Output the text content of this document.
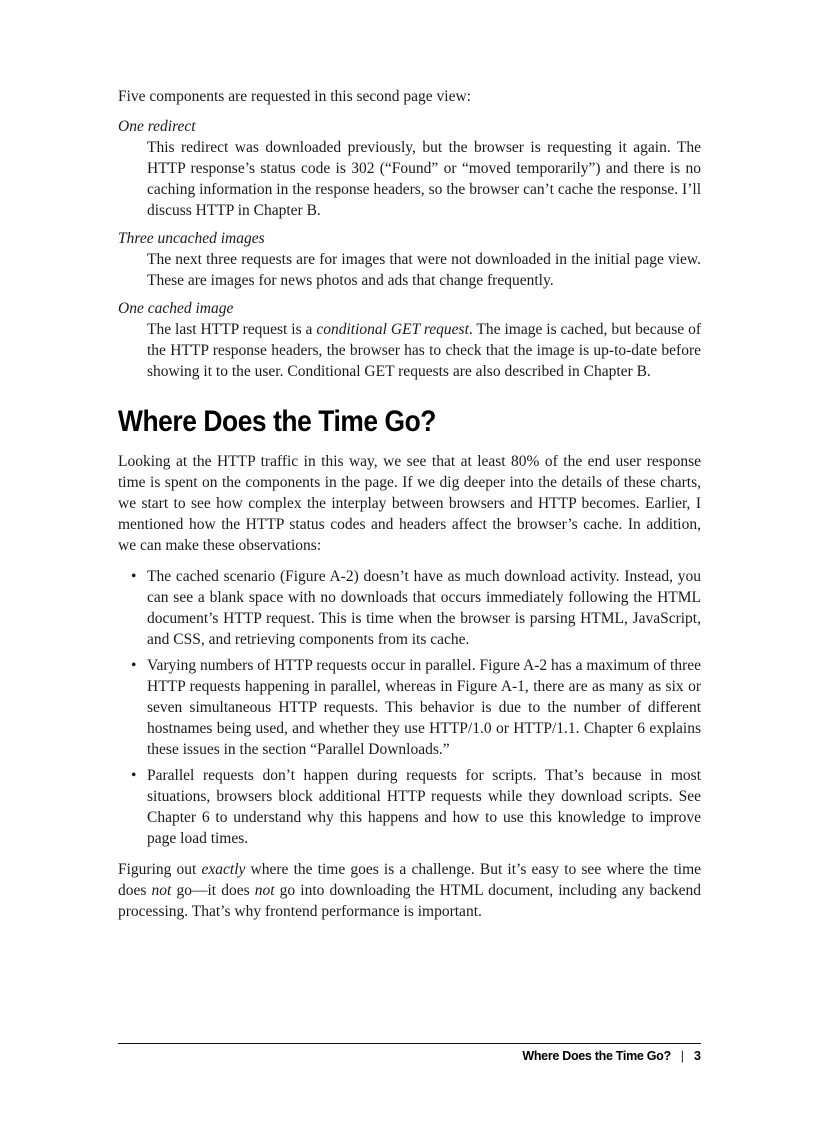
Five components are requested in this second page view:

One redirect
This redirect was downloaded previously, but the browser is requesting it again. The HTTP response’s status code is 302 (“Found” or “moved temporarily”) and there is no caching information in the response headers, so the browser can’t cache the response. I’ll discuss HTTP in Chapter B.
Three uncached images
The next three requests are for images that were not downloaded in the initial page view. These are images for news photos and ads that change frequently.
One cached image
The last HTTP request is a conditional GET request. The image is cached, but because of the HTTP response headers, the browser has to check that the image is up-to-date before showing it to the user. Conditional GET requests are also described in Chapter B.
Where Does the Time Go?

Looking at the HTTP traffic in this way, we see that at least 80% of the end user response time is spent on the components in the page. If we dig deeper into the details of these charts, we start to see how complex the interplay between browsers and HTTP becomes. Earlier, I mentioned how the HTTP status codes and headers affect the browser’s cache. In addition, we can make these observations:

• The cached scenario (Figure A-2) doesn’t have as much download activity. Instead, you can see a blank space with no downloads that occurs immediately following the HTML document’s HTTP request. This is time when the browser is parsing HTML, JavaScript, and CSS, and retrieving components from its cache.
• Varying numbers of HTTP requests occur in parallel. Figure A-2 has a maximum of three HTTP requests happening in parallel, whereas in Figure A-1, there are as many as six or seven simultaneous HTTP requests. This behavior is due to the number of different hostnames being used, and whether they use HTTP/1.0 or HTTP/1.1. Chapter 6 explains these issues in the section “Parallel Downloads.”
• Parallel requests don’t happen during requests for scripts. That’s because in most situations, browsers block additional HTTP requests while they download scripts. See Chapter 6 to understand why this happens and how to use this knowledge to improve page load times.

Figuring out exactly where the time goes is a challenge. But it’s easy to see where the time does not go—it does not go into downloading the HTML document, including any backend processing. That’s why frontend performance is important.

Where Does the Time Go? | 3
